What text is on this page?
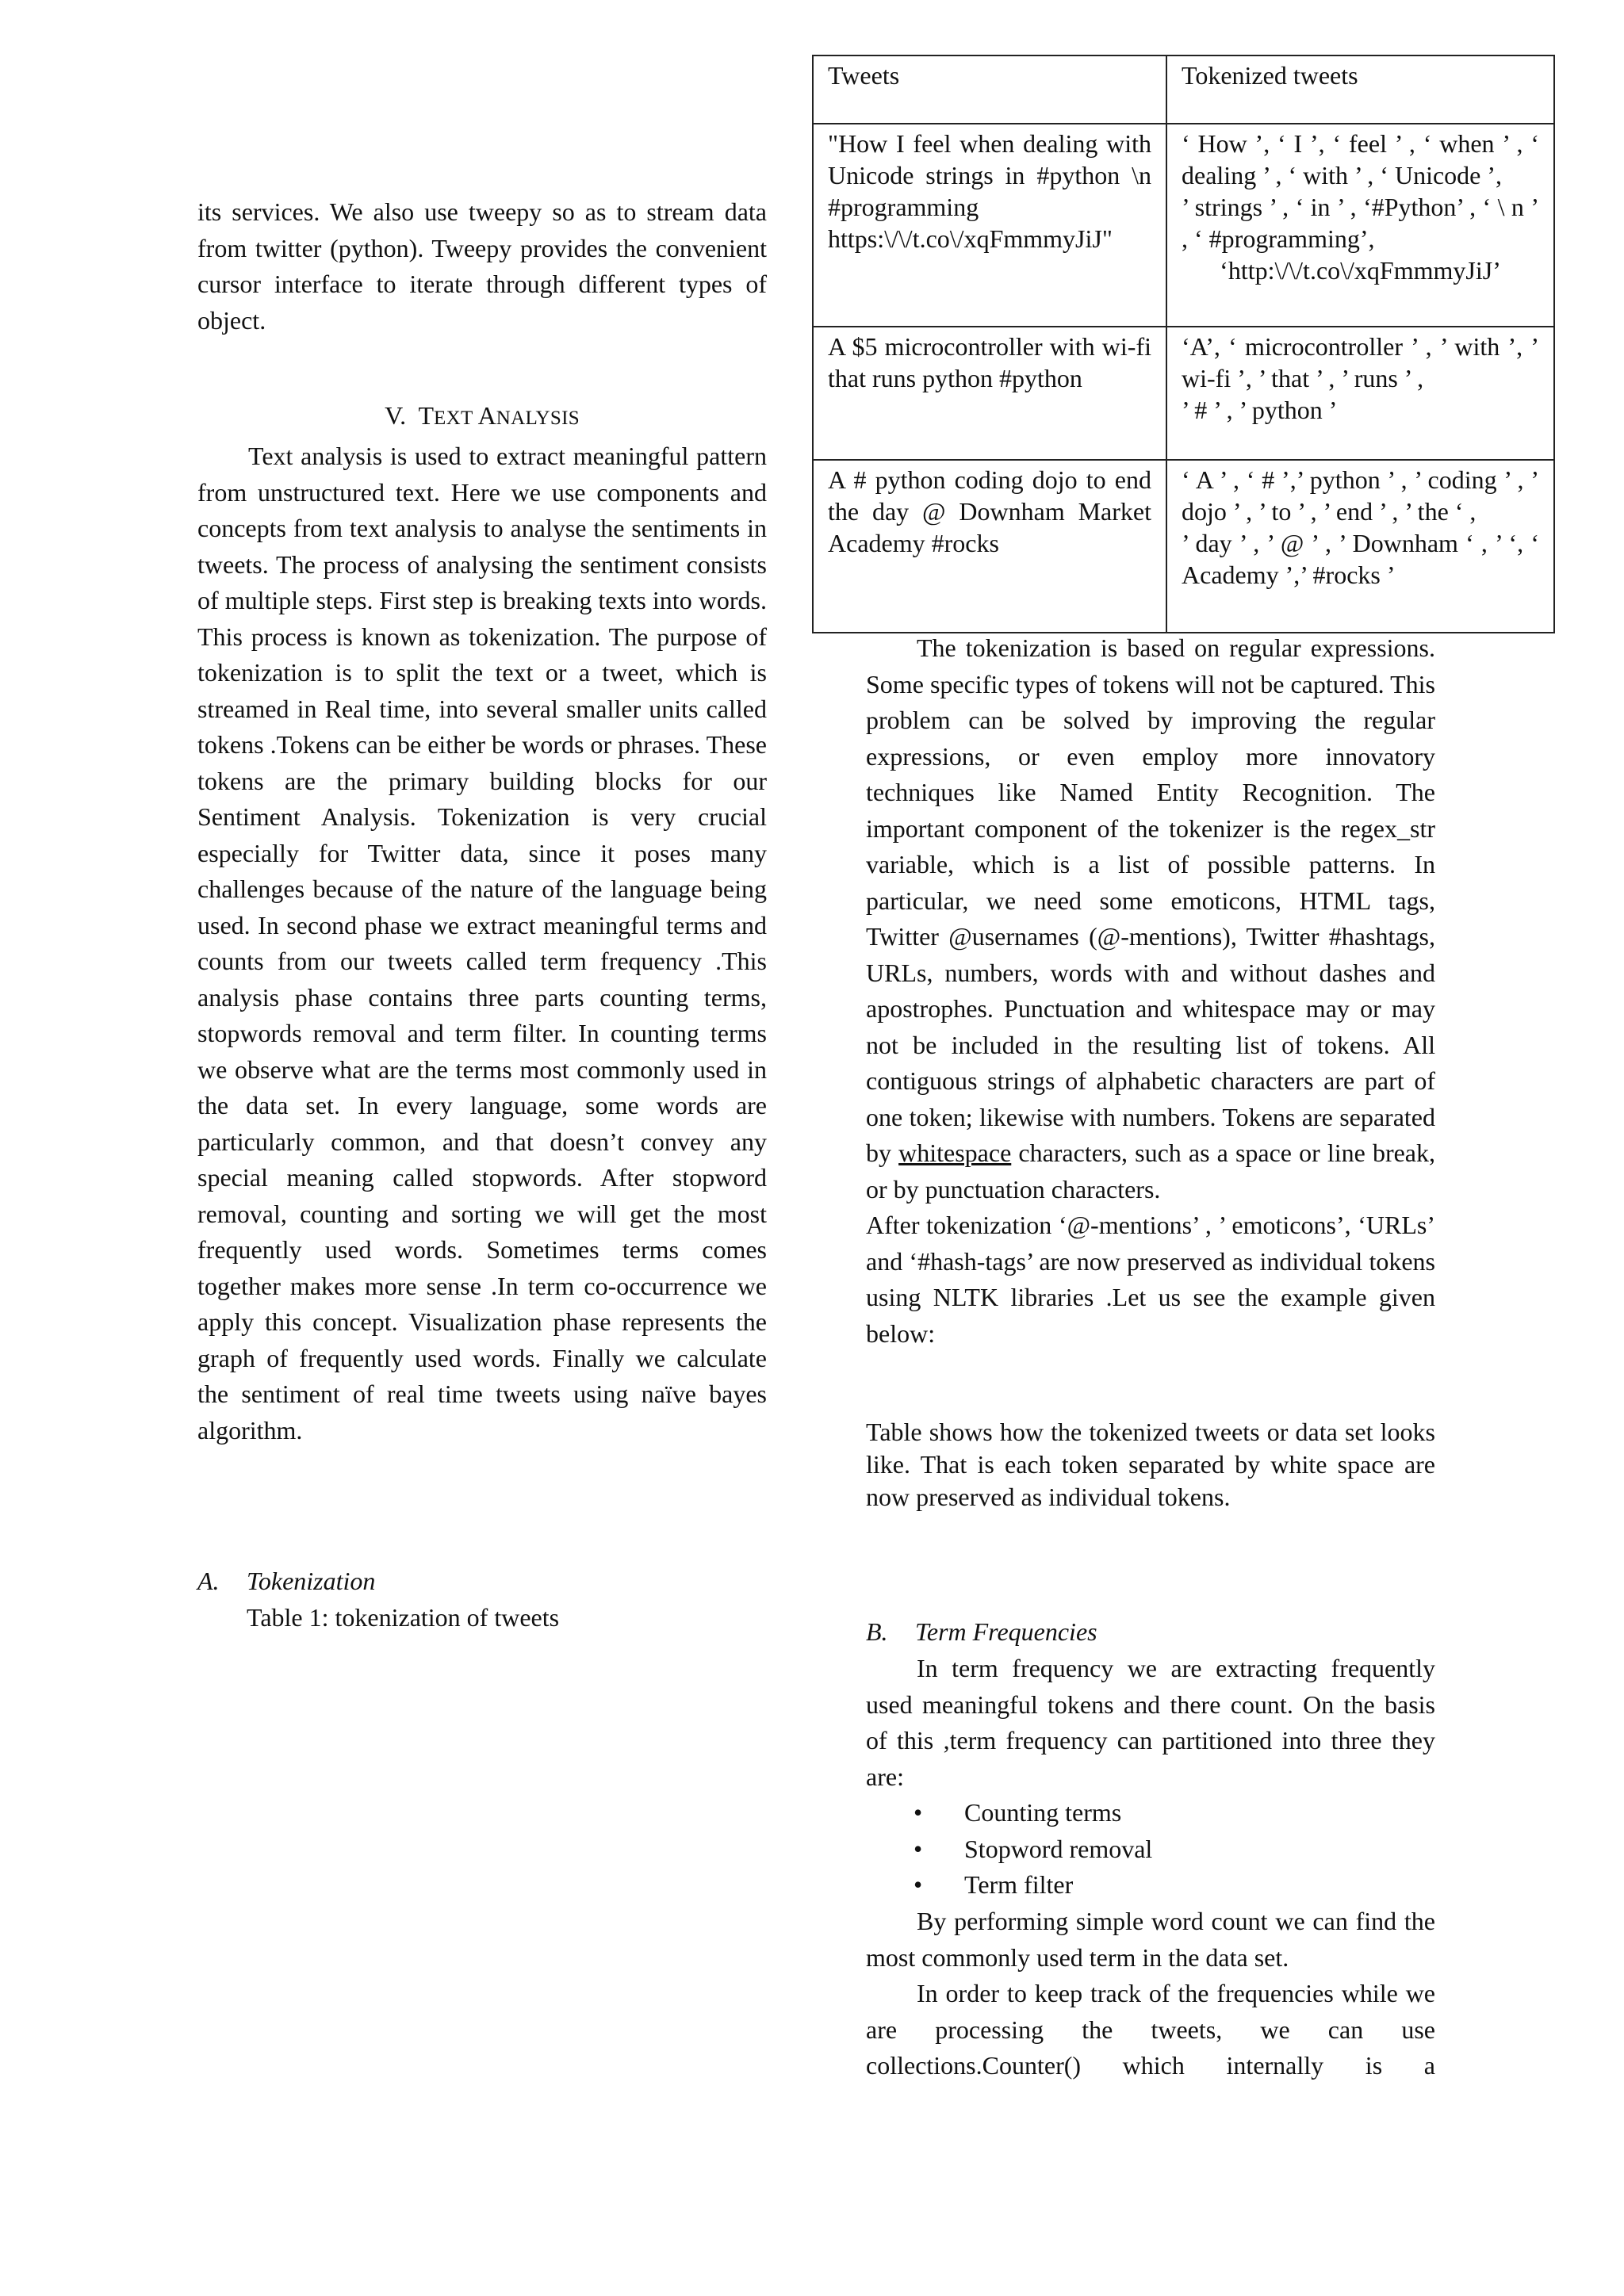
its services. We also use tweepy so as to stream data from twitter (python). Tweepy provides the convenient cursor interface to iterate through different types of object.

V. TEXT ANALYSIS

Text analysis is used to extract meaningful pattern from unstructured text. Here we use components and concepts from text analysis to analyse the sentiments in tweets. The process of analysing the sentiment consists of multiple steps. First step is breaking texts into words. This process is known as tokenization. The purpose of tokenization is to split the text or a tweet, which is streamed in Real time, into several smaller units called tokens .Tokens can be either be words or phrases. These tokens are the primary building blocks for our Sentiment Analysis. Tokenization is very crucial especially for Twitter data, since it poses many challenges because of the nature of the language being used. In second phase we extract meaningful terms and counts from our tweets called term frequency .This analysis phase contains three parts counting terms, stopwords removal and term filter. In counting terms we observe what are the terms most commonly used in the data set. In every language, some words are particularly common, and that doesn’t convey any special meaning called stopwords. After stopword removal, counting and sorting we will get the most frequently used words. Sometimes terms comes together makes more sense .In term co-occurrence we apply this concept. Visualization phase represents the graph of frequently used words. Finally we calculate the sentiment of real time tweets using naïve bayes algorithm.

A. Tokenization
Table 1: tokenization of tweets
Tweets	Tokenized tweets
"How I feel when dealing with Unicode strings in #python \n #programming https:\/\/t.co\/xqFmmmyJiJ"	‘ How ’, ‘ I ’, ‘ feel ’ , ‘ when ’ , ‘ dealing ’ , ‘ with ’ , ‘ Unicode ’,
’ strings ’ , ‘ in ’ , ‘#Python’ , ‘ \ n ’ , ‘ #programming’,
‘http:\/\/t.co\/xqFmmmyJiJ’

A $5 microcontroller with wi-fi that runs python #python	‘A’, ‘ microcontroller ’ , ’ with ’, ’ wi-fi ’, ’ that ’ , ’ runs ’ ,
’ # ’ , ’ python ’

A # python coding dojo to end the day @ Downham Market Academy #rocks	‘ A ’ , ‘ # ’,’ python ’ , ’ coding ’ , ’ dojo ’ , ’ to ’ , ’ end ’ , ’ the ‘ ,
’ day ’ , ’ @ ’ , ’ Downham ‘ , ’ ‘, ‘ Academy ’,’ #rocks ’

The tokenization is based on regular expressions. Some specific types of tokens will not be captured. This problem can be solved by improving the regular expressions, or even employ more innovatory techniques like Named Entity Recognition. The important component of the tokenizer is the regex_str variable, which is a list of possible patterns. In particular, we need some emoticons, HTML tags, Twitter @usernames (@-mentions), Twitter #hashtags, URLs, numbers, words with and without dashes and apostrophes. Punctuation and whitespace may or may not be included in the resulting list of tokens. All contiguous strings of alphabetic characters are part of one token; likewise with numbers. Tokens are separated by whitespace characters, such as a space or line break, or by punctuation characters.

After tokenization ‘@-mentions’ , ’ emoticons’, ‘URLs’ and ‘#hash-tags’ are now preserved as individual tokens using NLTK libraries .Let us see the example given below:

Table shows how the tokenized tweets or data set looks like. That is each token separated by white space are now preserved as individual tokens.

B. Term Frequencies

In term frequency we are extracting frequently used meaningful tokens and there count. On the basis of this ,term frequency can partitioned into three they are:

• Counting terms
• Stopword removal
• Term filter

By performing simple word count we can find the most commonly used term in the data set.

In order to keep track of the frequencies while we are processing the tweets, we can use collections.Counter() which internally is a
